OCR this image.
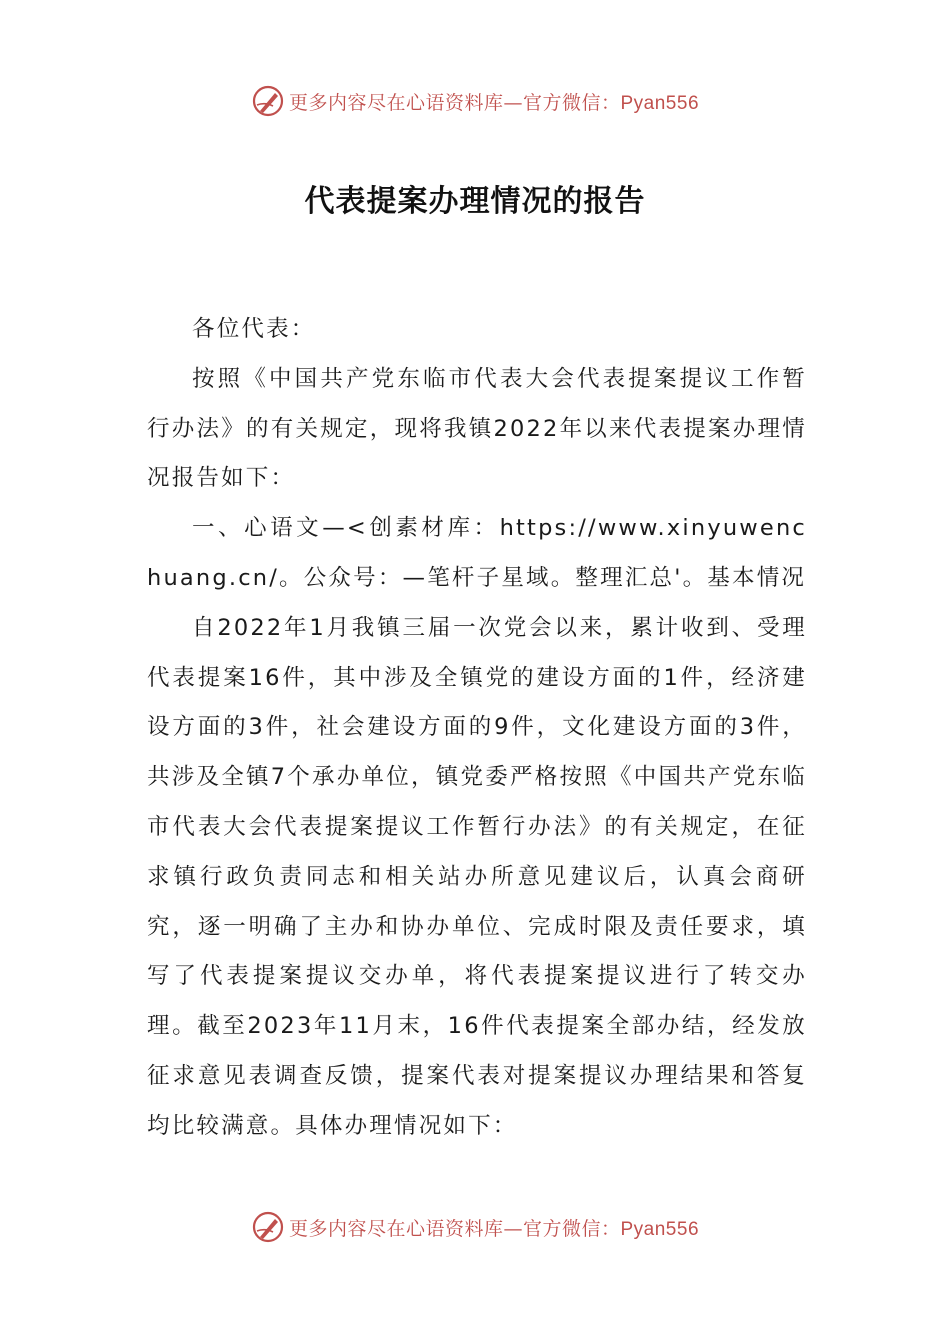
更多内容尽在心语资料库—官方微信：Pyan556
代表提案办理情况的报告

各位代表：

按照《中国共产党东临市代表大会代表提案提议工作暂行办法》的有关规定，现将我镇2022年以来代表提案办理情况报告如下：

一、心语文—<创素材库：https://www.xinyuwenchuang.cn/。公众号：—笔杆子星域。整理汇总'。基本情况

自2022年1月我镇三届一次党会以来，累计收到、受理代表提案16件，其中涉及全镇党的建设方面的1件，经济建设方面的3件，社会建设方面的9件，文化建设方面的3件，共涉及全镇7个承办单位，镇党委严格按照《中国共产党东临市代表大会代表提案提议工作暂行办法》的有关规定，在征求镇行政负责同志和相关站办所意见建议后，认真会商研究，逐一明确了主办和协办单位、完成时限及责任要求，填写了代表提案提议交办单，将代表提案提议进行了转交办理。截至2023年11月末，16件代表提案全部办结，经发放征求意见表调查反馈，提案代表对提案提议办理结果和答复均比较满意。具体办理情况如下：

更多内容尽在心语资料库—官方微信：Pyan556
